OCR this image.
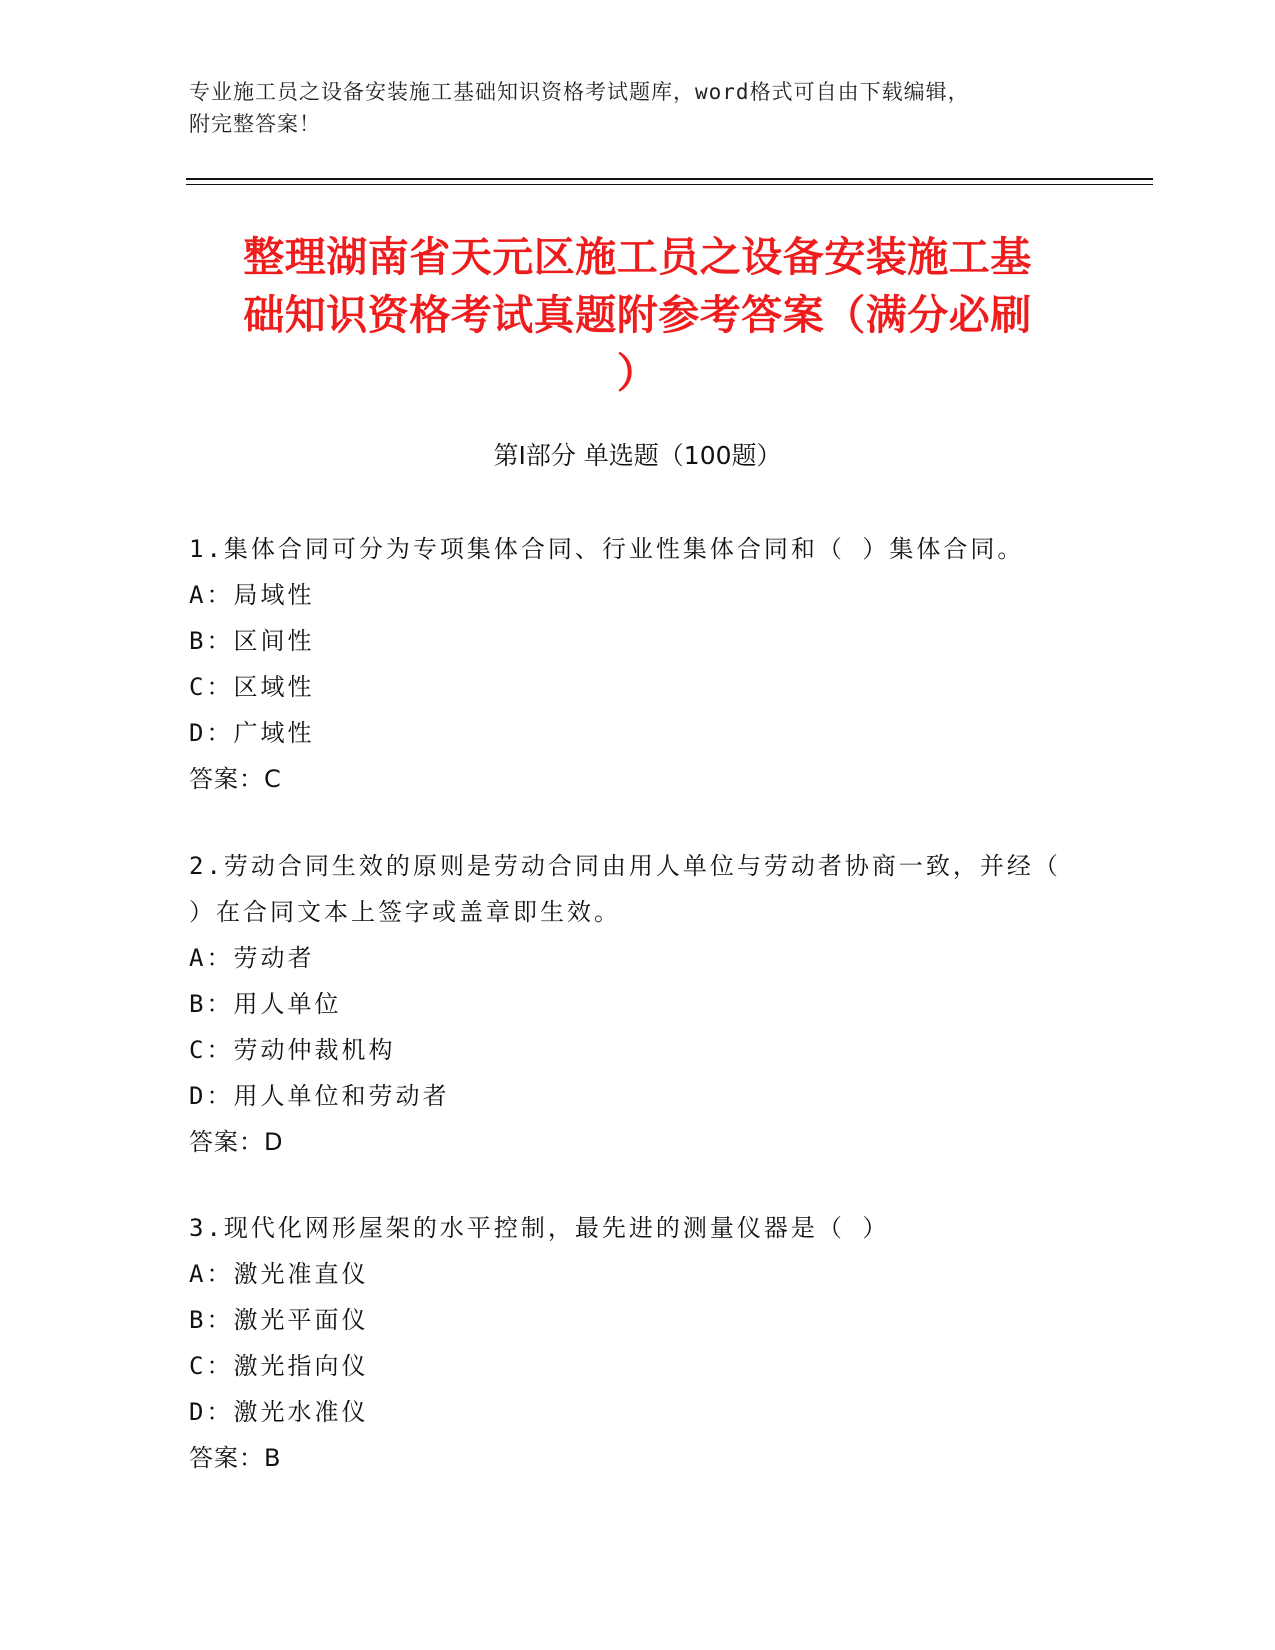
专业施工员之设备安装施工基础知识资格考试题库，word格式可自由下载编辑，
附完整答案！
整理湖南省天元区施工员之设备安装施工基
础知识资格考试真题附参考答案（满分必刷
）
第Ⅰ部分 单选题（100题）
1.集体合同可分为专项集体合同、行业性集体合同和（ ）集体合同。
A：局域性
B：区间性
C：区域性
D：广域性
答案：C
2.劳动合同生效的原则是劳动合同由用人单位与劳动者协商一致，并经（ ）在合同文本上签字或盖章即生效。
A：劳动者
B：用人单位
C：劳动仲裁机构
D：用人单位和劳动者
答案：D
3.现代化网形屋架的水平控制，最先进的测量仪器是（ ）
A：激光准直仪
B：激光平面仪
C：激光指向仪
D：激光水准仪
答案：B
